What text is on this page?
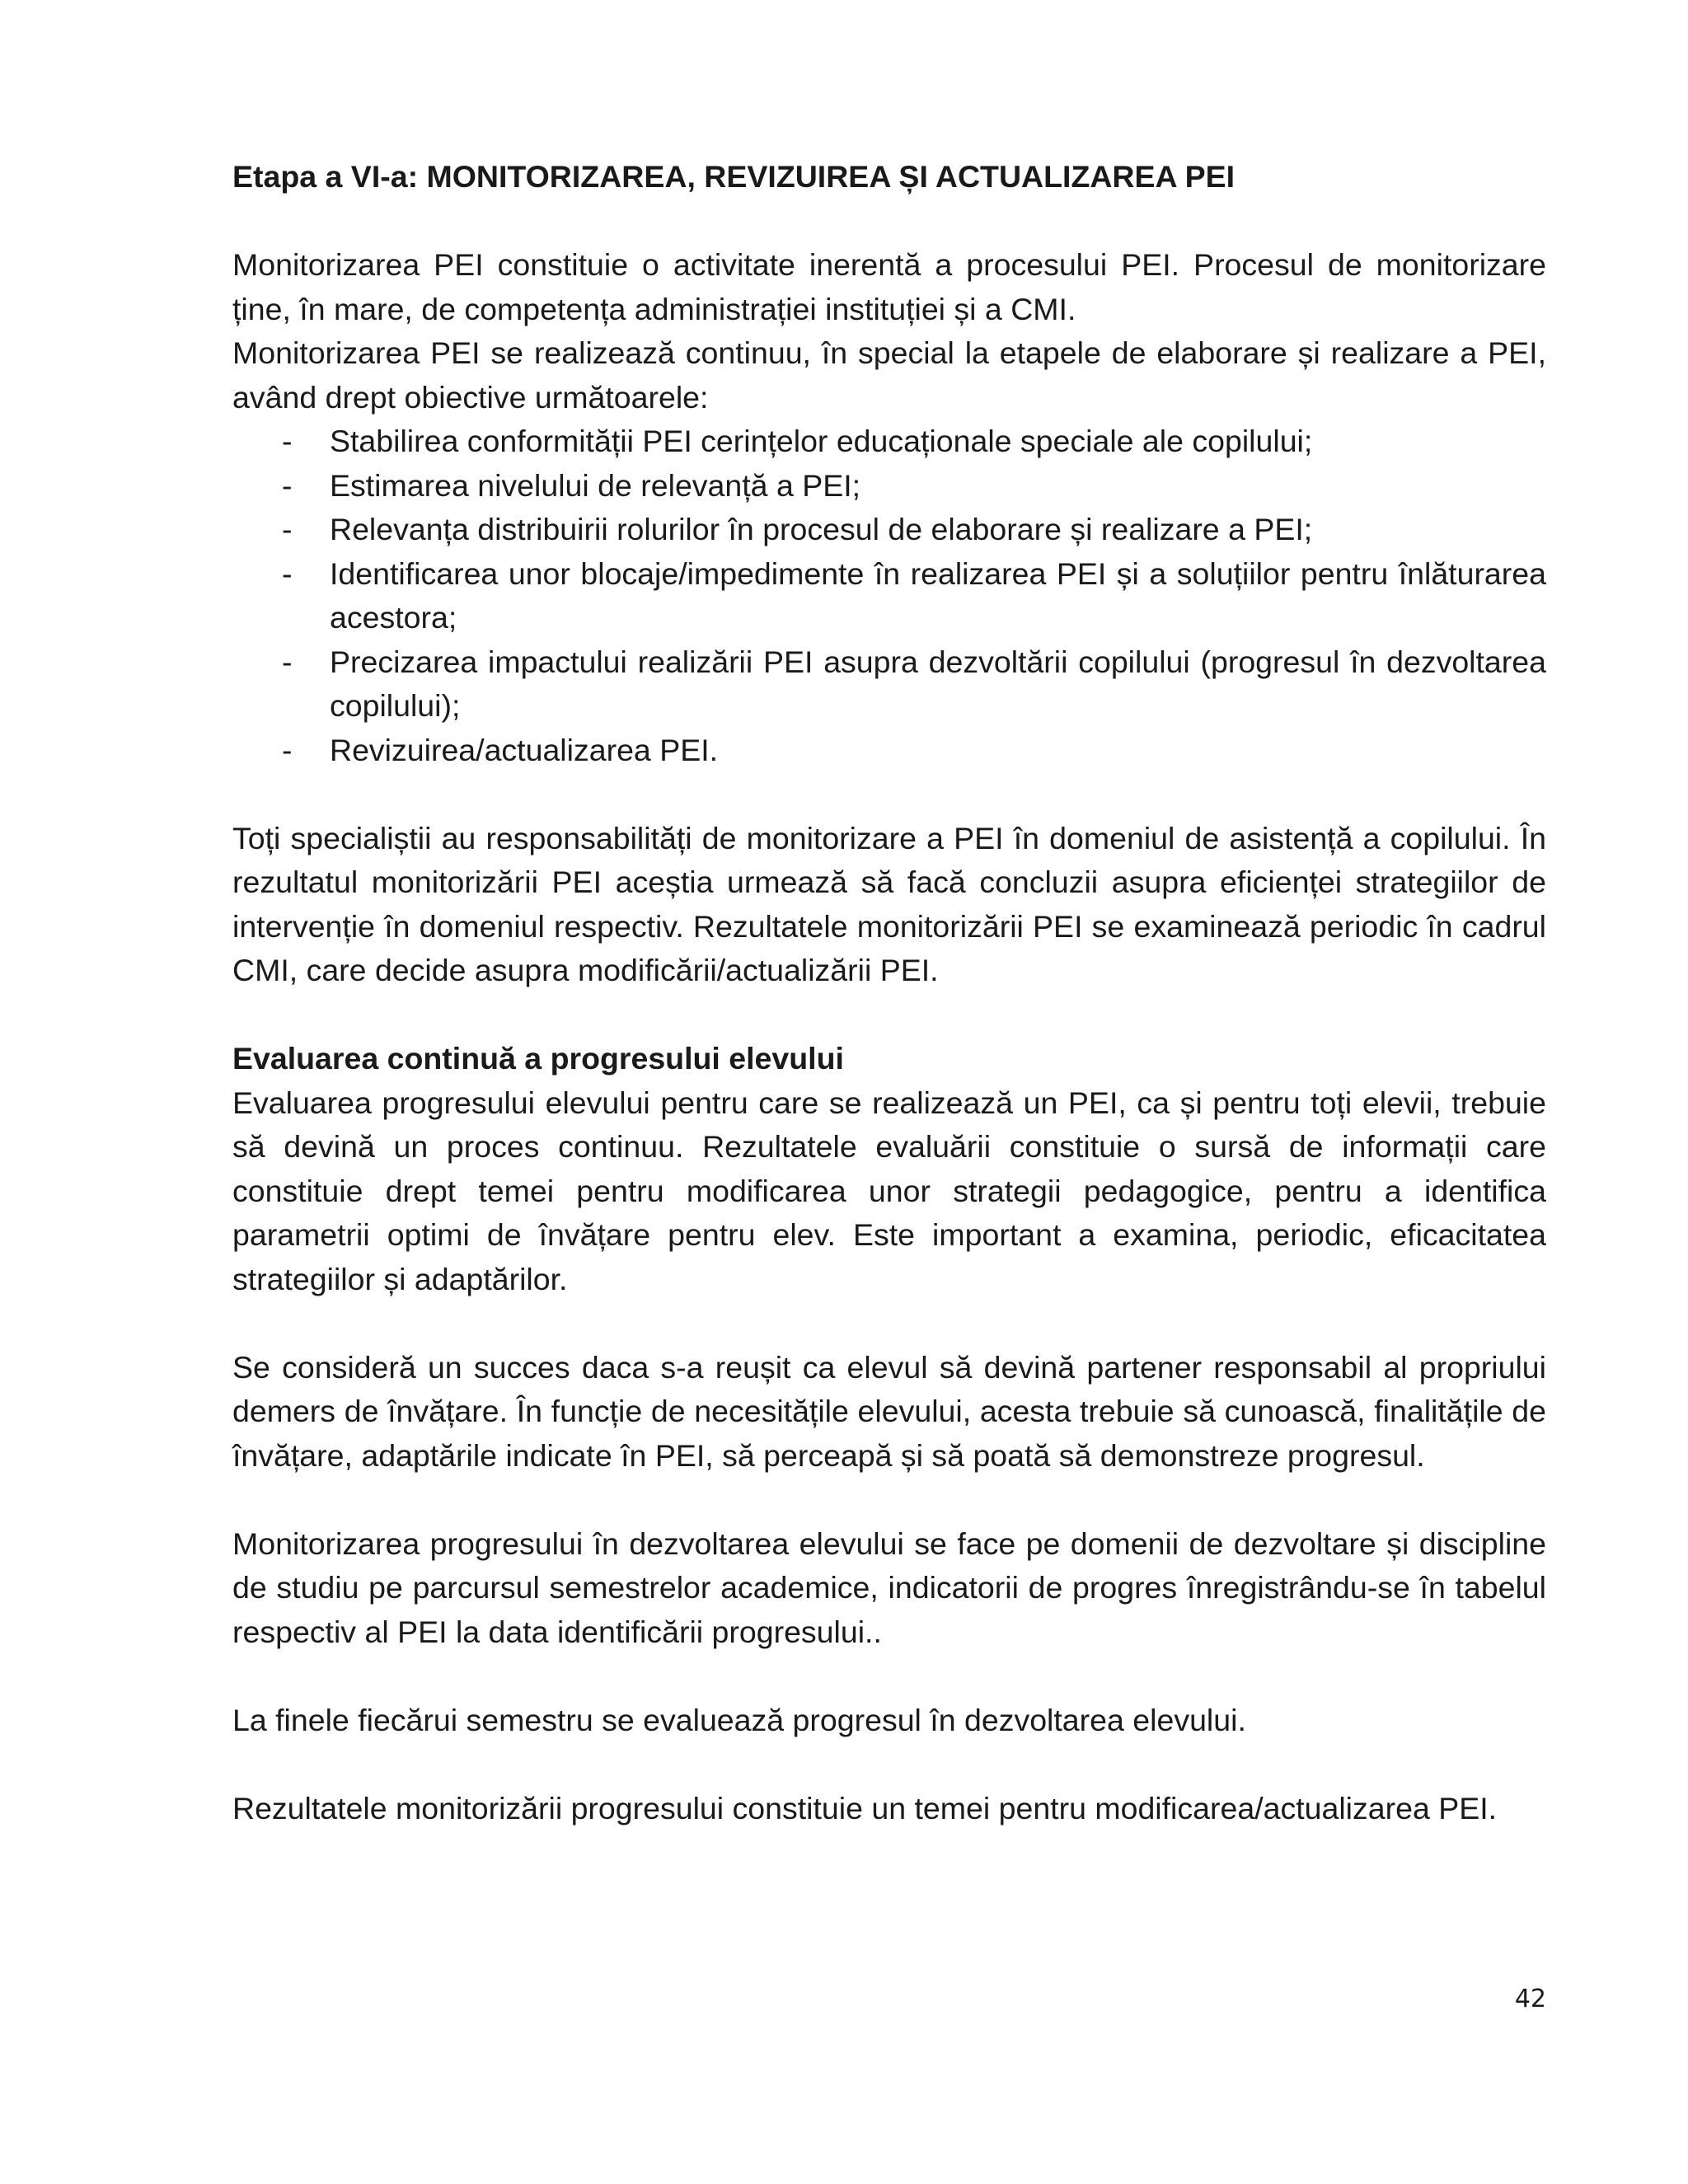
Etapa a VI-a: MONITORIZAREA, REVIZUIREA ȘI ACTUALIZAREA PEI

Monitorizarea PEI constituie o activitate inerentă a procesului PEI. Procesul de monitorizare ține, în mare, de competența administrației instituției și a CMI.

Monitorizarea PEI se realizează continuu, în special la etapele de elaborare și realizare a PEI, având drept obiective următoarele:

- Stabilirea conformității PEI cerințelor educaționale speciale ale copilului;
- Estimarea nivelului de relevanță a PEI;
- Relevanța distribuirii rolurilor în procesul de elaborare și realizare a PEI;
- Identificarea unor blocaje/impedimente în realizarea PEI și a soluțiilor pentru înlăturarea acestora;
- Precizarea impactului realizării PEI asupra dezvoltării copilului (progresul în dezvoltarea copilului);
- Revizuirea/actualizarea PEI.

Toți specialiștii au responsabilități de monitorizare a PEI în domeniul de asistență a copilului. În rezultatul monitorizării PEI aceștia urmează să facă concluzii asupra eficienței strategiilor de intervenție în domeniul respectiv. Rezultatele monitorizării PEI se examinează periodic în cadrul CMI, care decide asupra modificării/actualizării PEI.

Evaluarea continuă a progresului elevului

Evaluarea progresului elevului pentru care se realizează un PEI, ca și pentru toți elevii, trebuie să devină un proces continuu. Rezultatele evaluării constituie o sursă de informații care constituie drept temei pentru modificarea unor strategii pedagogice, pentru a identifica parametrii optimi de învățare pentru elev. Este important a examina, periodic, eficacitatea strategiilor și adaptărilor.

Se consideră un succes daca s-a reușit ca elevul să devină partener responsabil al propriului demers de învățare. În funcție de necesitățile elevului, acesta trebuie să cunoască, finalitățile de învățare, adaptările indicate în PEI, să perceapă și să poată să demonstreze progresul.

Monitorizarea progresului în dezvoltarea elevului se face pe domenii de dezvoltare și discipline de studiu pe parcursul semestrelor academice, indicatorii de progres înregistrându-se în tabelul respectiv al PEI la data identificării progresului..

La finele fiecărui semestru se evaluează progresul în dezvoltarea elevului.

Rezultatele monitorizării progresului constituie un temei pentru modificarea/actualizarea PEI.

42
